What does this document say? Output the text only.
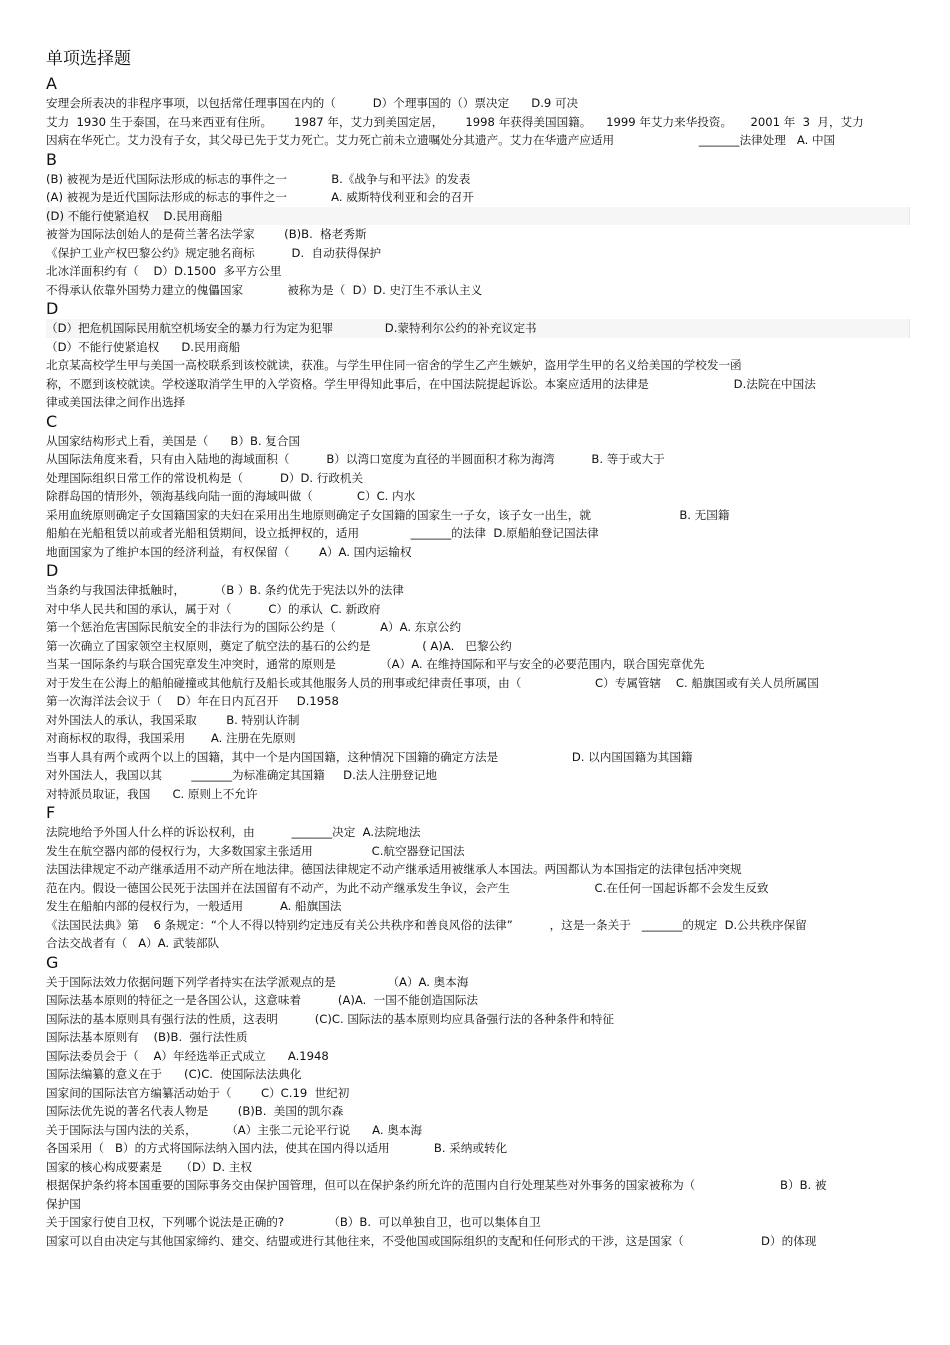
单项选择题
A
安理会所表决的非程序事项，以包括常任理事国在内的（          D）个理事国的（）票决定      D.9 可决
艾力  1930 生于泰国，在马来西亚有住所。      1987 年，艾力到美国定居，      1998 年获得美国国籍。    1999 年艾力来华投资。     2001 年  3  月，艾力
因病在华死亡。艾力没有子女，其父母已先于艾力死亡。艾力死亡前未立遗嘱处分其遗产。艾力在华遗产应适用                       _______法律处理   A. 中国
B
(B) 被视为是近代国际法形成的标志的事件之一            B.《战争与和平法》的发表
(A) 被视为是近代国际法形成的标志的事件之一            A. 威斯特伐利亚和会的召开
(D) 不能行使紧追权    D.民用商船
被誉为国际法创始人的是荷兰著名法学家        (B)B.  格老秀斯
《保护工业产权巴黎公约》规定驰名商标          D.  自动获得保护
北冰洋面积约有（    D）D.1500  多平方公里
不得承认依靠外国势力建立的傀儡国家            被称为是（  D）D. 史汀生不承认主义
D
（D）把危机国际民用航空机场安全的暴力行为定为犯罪              D.蒙特利尔公约的补充议定书
（D）不能行使紧追权      D.民用商船
北京某高校学生甲与美国一高校联系到该校就读，获准。与学生甲住同一宿舍的学生乙产生嫉妒，盗用学生甲的名义给美国的学校发一函
称，不愿到该校就读。学校遂取消学生甲的入学资格。学生甲得知此事后，在中国法院提起诉讼。本案应适用的法律是                       D.法院在中国法
律或美国法律之间作出选择
C
从国家结构形式上看，美国是（      B）B. 复合国
从国际法角度来看，只有由入陆地的海域面积（          B）以湾口宽度为直径的半圆面积才称为海湾          B. 等于或大于
处理国际组织日常工作的常设机构是（          D）D. 行政机关
除群岛国的情形外，领海基线向陆一面的海域叫做（            C）C. 内水
采用血统原则确定子女国籍国家的夫妇在采用出生地原则确定子女国籍的国家生一子女，该子女一出生，就                        B. 无国籍
船舶在光船租赁以前或者光船租赁期间，设立抵押权的，适用              _______的法律  D.原船舶登记国法律
地面国家为了维护本国的经济利益，有权保留（        A）A. 国内运输权
D
当条约与我国法律抵触时，        （B ）B. 条约优先于宪法以外的法律
对中华人民共和国的承认，属于对（          C）的承认  C. 新政府
第一个惩治危害国际民航安全的非法行为的国际公约是（            A）A. 东京公约
第一次确立了国家领空主权原则，奠定了航空法的基石的公约是              ( A)A.   巴黎公约
当某一国际条约与联合国宪章发生冲突时，通常的原则是            （A）A. 在维持国际和平与安全的必要范围内，联合国宪章优先
对于发生在公海上的船舶碰撞或其他航行及船长或其他服务人员的刑事或纪律责任事项，由（                    C）专属管辖    C. 船旗国或有关人员所属国
第一次海洋法会议于（    D）年在日内瓦召开     D.1958
对外国法人的承认，我国采取        B. 特别认许制
对商标权的取得，我国采用       A. 注册在先原则
当事人具有两个或两个以上的国籍，其中一个是内国国籍，这种情况下国籍的确定方法是                    D. 以内国国籍为其国籍
对外国法人，我国以其        _______为标准确定其国籍     D.法人注册登记地
对特派员取证，我国      C. 原则上不允许
F
法院地给予外国人什么样的诉讼权利，由          _______决定  A.法院地法
发生在航空器内部的侵权行为，大多数国家主张适用                C.航空器登记国法
法国法律规定不动产继承适用不动产所在地法律。德国法律规定不动产继承适用被继承人本国法。两国都认为本国指定的法律包括冲突规
范在内。假设一德国公民死于法国并在法国留有不动产，为此不动产继承发生争议，会产生                       C.在任何一国起诉都不会发生反致
发生在船舶内部的侵权行为，一般适用          A. 船旗国法
《法国民法典》第    6 条规定：“个人不得以特别约定违反有关公共秩序和善良风俗的法律”          ，这是一条关于   _______的规定  D.公共秩序保留
合法交战者有（   A）A. 武装部队
G
关于国际法效力依据问题下列学者持实在法学派观点的是              （A）A. 奥本海
国际法基本原则的特征之一是各国公认，这意味着          (A)A.  一国不能创造国际法
国际法的基本原则具有强行法的性质，这表明          (C)C. 国际法的基本原则均应具备强行法的各种条件和特征
国际法基本原则有    (B)B.  强行法性质
国际法委员会于（    A）年经选举正式成立      A.1948
国际法编纂的意义在于      (C)C.  使国际法法典化
国家间的国际法官方编纂活动始于（        C）C.19  世纪初
国际法优先说的著名代表人物是        (B)B.  美国的凯尔森
关于国际法与国内法的关系，        （A）主张二元论平行说      A. 奥本海
各国采用（   B）的方式将国际法纳入国内法，使其在国内得以适用            B. 采纳或转化
国家的核心构成要素是     （D）D. 主权
根据保护条约将本国重要的国际事务交由保护国管理，但可以在保护条约所允许的范围内自行处理某些对外事务的国家被称为（                       B）B. 被
保护国
关于国家行使自卫权，下列哪个说法是正确的?            （B）B.  可以单独自卫，也可以集体自卫
国家可以自由决定与其他国家缔约、建交、结盟或进行其他往来，不受他国或国际组织的支配和任何形式的干涉，这是国家（                     D）的体现
